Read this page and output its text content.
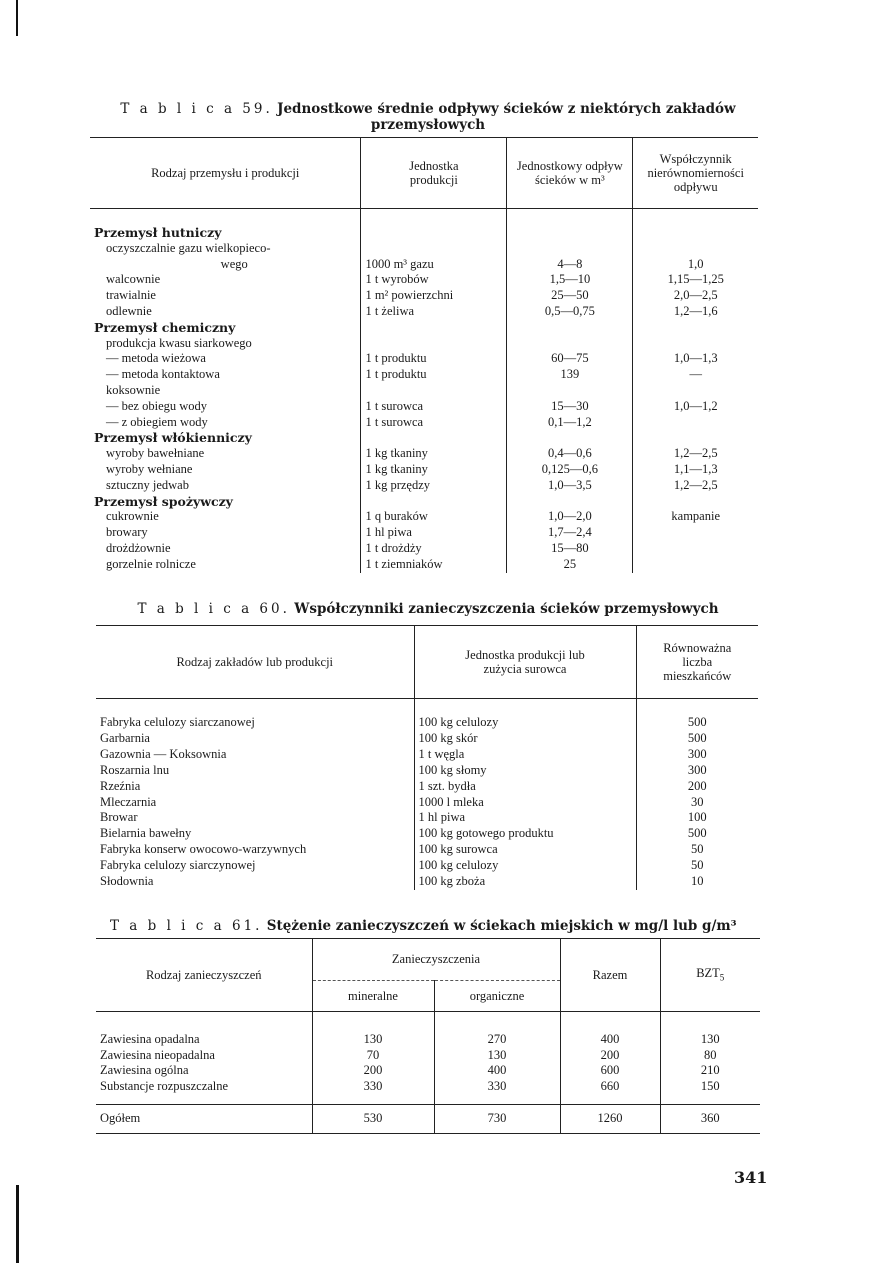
T a b l i c a 59. Jednostkowe średnie odpływy ścieków z niektórych zakładów
przemysłowych
Rodzaj przemysłu i produkcji	Jednostka produkcji	Jednostkowy odpływ ścieków w m³	Współczynnik nierównomierności odpływu
Przemysł hutniczy			
oczyszczalnie gazu wielkopieco-			
wego	1000 m³ gazu	4—8	1,0
walcownie	1 t wyrobów	1,5—10	1,15—1,25
trawialnie	1 m² powierzchni	25—50	2,0—2,5
odlewnie	1 t żeliwa	0,5—0,75	1,2—1,6
Przemysł chemiczny			
produkcja kwasu siarkowego			
— metoda wieżowa	1 t produktu	60—75	1,0—1,3
— metoda kontaktowa	1 t produktu	139	—
koksownie			
— bez obiegu wody	1 t surowca	15—30	1,0—1,2
— z obiegiem wody	1 t surowca	0,1—1,2	
Przemysł włókienniczy			
wyroby bawełniane	1 kg tkaniny	0,4—0,6	1,2—2,5
wyroby wełniane	1 kg tkaniny	0,125—0,6	1,1—1,3
sztuczny jedwab	1 kg przędzy	1,0—3,5	1,2—2,5
Przemysł spożywczy			
cukrownie	1 q buraków	1,0—2,0	kampanie
browary	1 hl piwa	1,7—2,4	
drożdżownie	1 t drożdży	15—80	
gorzelnie rolnicze	1 t ziemniaków	25	
T a b l i c a 60. Współczynniki zanieczyszczenia ścieków przemysłowych
Rodzaj zakładów lub produkcji	Jednostka produkcji lub zużycia surowca	Równoważna liczba mieszkańców
Fabryka celulozy siarczanowej	100 kg celulozy	500
Garbarnia	100 kg skór	500
Gazownia — Koksownia	1 t węgla	300
Roszarnia lnu	100 kg słomy	300
Rzeźnia	1 szt. bydła	200
Mleczarnia	1000 l mleka	30
Browar	1 hl piwa	100
Bielarnia bawełny	100 kg gotowego produktu	500
Fabryka konserw owocowo-warzywnych	100 kg surowca	50
Fabryka celulozy siarczynowej	100 kg celulozy	50
Słodownia	100 kg zboża	10
T a b l i c a 61. Stężenie zanieczyszczeń w ściekach miejskich w mg/l lub g/m³
Rodzaj zanieczyszczeń	Zanieczyszczenia		Razem	$BZT_5$
	mineralne	organiczne		
Zawiesina opadalna	130	270	400	130
Zawiesina nieopadalna	70	130	200	80
Zawiesina ogólna	200	400	600	210
Substancje rozpuszczalne	330	330	660	150

Ogółem	530	730	1260	360
341
